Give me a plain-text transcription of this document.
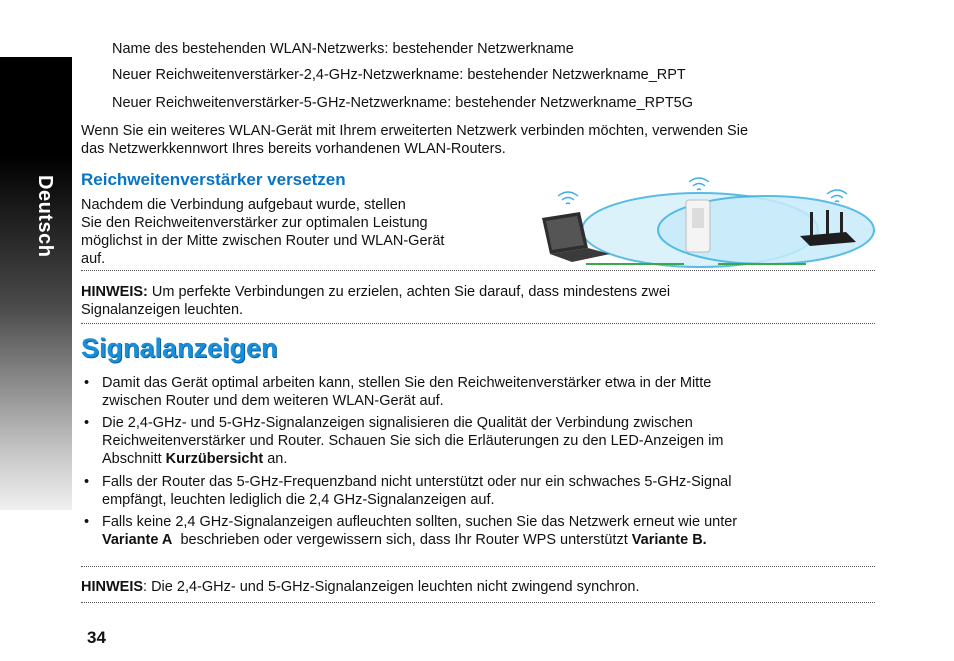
Deutsch

Name des bestehenden WLAN-Netzwerks: bestehender Netzwerkname

Neuer Reichweitenverstärker-2,4-GHz-Netzwerkname: bestehender Netzwerkname_RPT

Neuer Reichweitenverstärker-5-GHz-Netzwerkname: bestehender Netzwerkname_RPT5G

Wenn Sie ein weiteres WLAN-Gerät mit Ihrem erweiterten Netzwerk verbinden möchten, verwenden Sie
das Netzwerkkennwort Ihres bereits vorhandenen WLAN-Routers.

Reichweitenverstärker versetzen

Nachdem die Verbindung aufgebaut wurde, stellen
Sie den Reichweitenverstärker zur optimalen Leistung
möglichst in der Mitte zwischen Router und WLAN-Gerät
auf.
HINWEIS: Um perfekte Verbindungen zu erzielen, achten Sie darauf, dass mindestens zwei
Signalanzeigen leuchten.

Signalanzeigen

• Damit das Gerät optimal arbeiten kann, stellen Sie den Reichweitenverstärker etwa in der Mitte
zwischen Router und dem weiteren WLAN-Gerät auf.
• Die 2,4-GHz- und 5-GHz-Signalanzeigen signalisieren die Qualität der Verbindung zwischen
Reichweitenverstärker und Router. Schauen Sie sich die Erläuterungen zu den LED-Anzeigen im
Abschnitt Kurzübersicht an.
• Falls der Router das 5-GHz-Frequenzband nicht unterstützt oder nur ein schwaches 5-GHz-Signal
empfängt, leuchten lediglich die 2,4 GHz-Signalanzeigen auf.
• Falls keine 2,4 GHz-Signalanzeigen aufleuchten sollten, suchen Sie das Netzwerk erneut wie unter
Variante A  beschrieben oder vergewissern sich, dass Ihr Router WPS unterstützt Variante B.
HINWEIS: Die 2,4-GHz- und 5-GHz-Signalanzeigen leuchten nicht zwingend synchron.
34
